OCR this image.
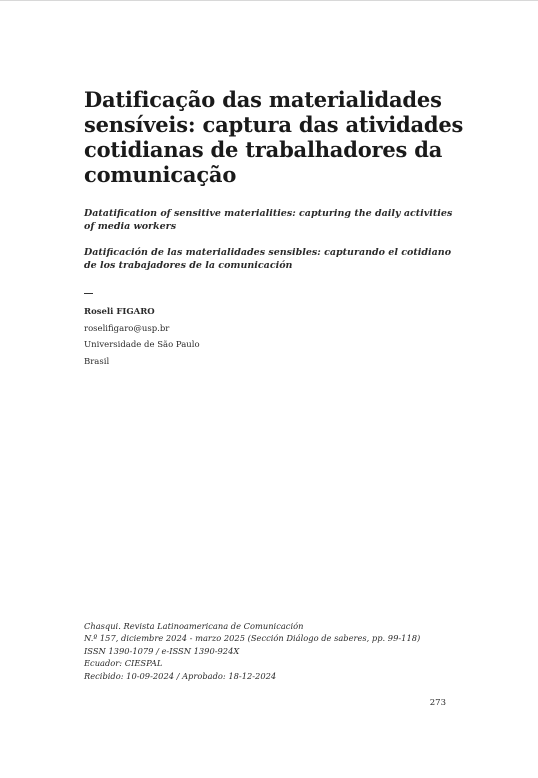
Datificação das materialidades sensíveis: captura das atividades cotidianas de trabalhadores da comunicação

Datatification of sensitive materialities: capturing the daily activities of media workers

Datificación de las materialidades sensibles: capturando el cotidiano de los trabajadores de la comunicación

Roseli FIGARO
roselifigaro@usp.br
Universidade de São Paulo
Brasil
Chasqui. Revista Latinoamericana de Comunicación
N.º 157, diciembre 2024 - marzo 2025 (Sección Diálogo de saberes, pp. 99-118)
ISSN 1390-1079 / e-ISSN 1390-924X
Ecuador: CIESPAL
Recibido: 10-09-2024 / Aprobado: 18-12-2024
273
